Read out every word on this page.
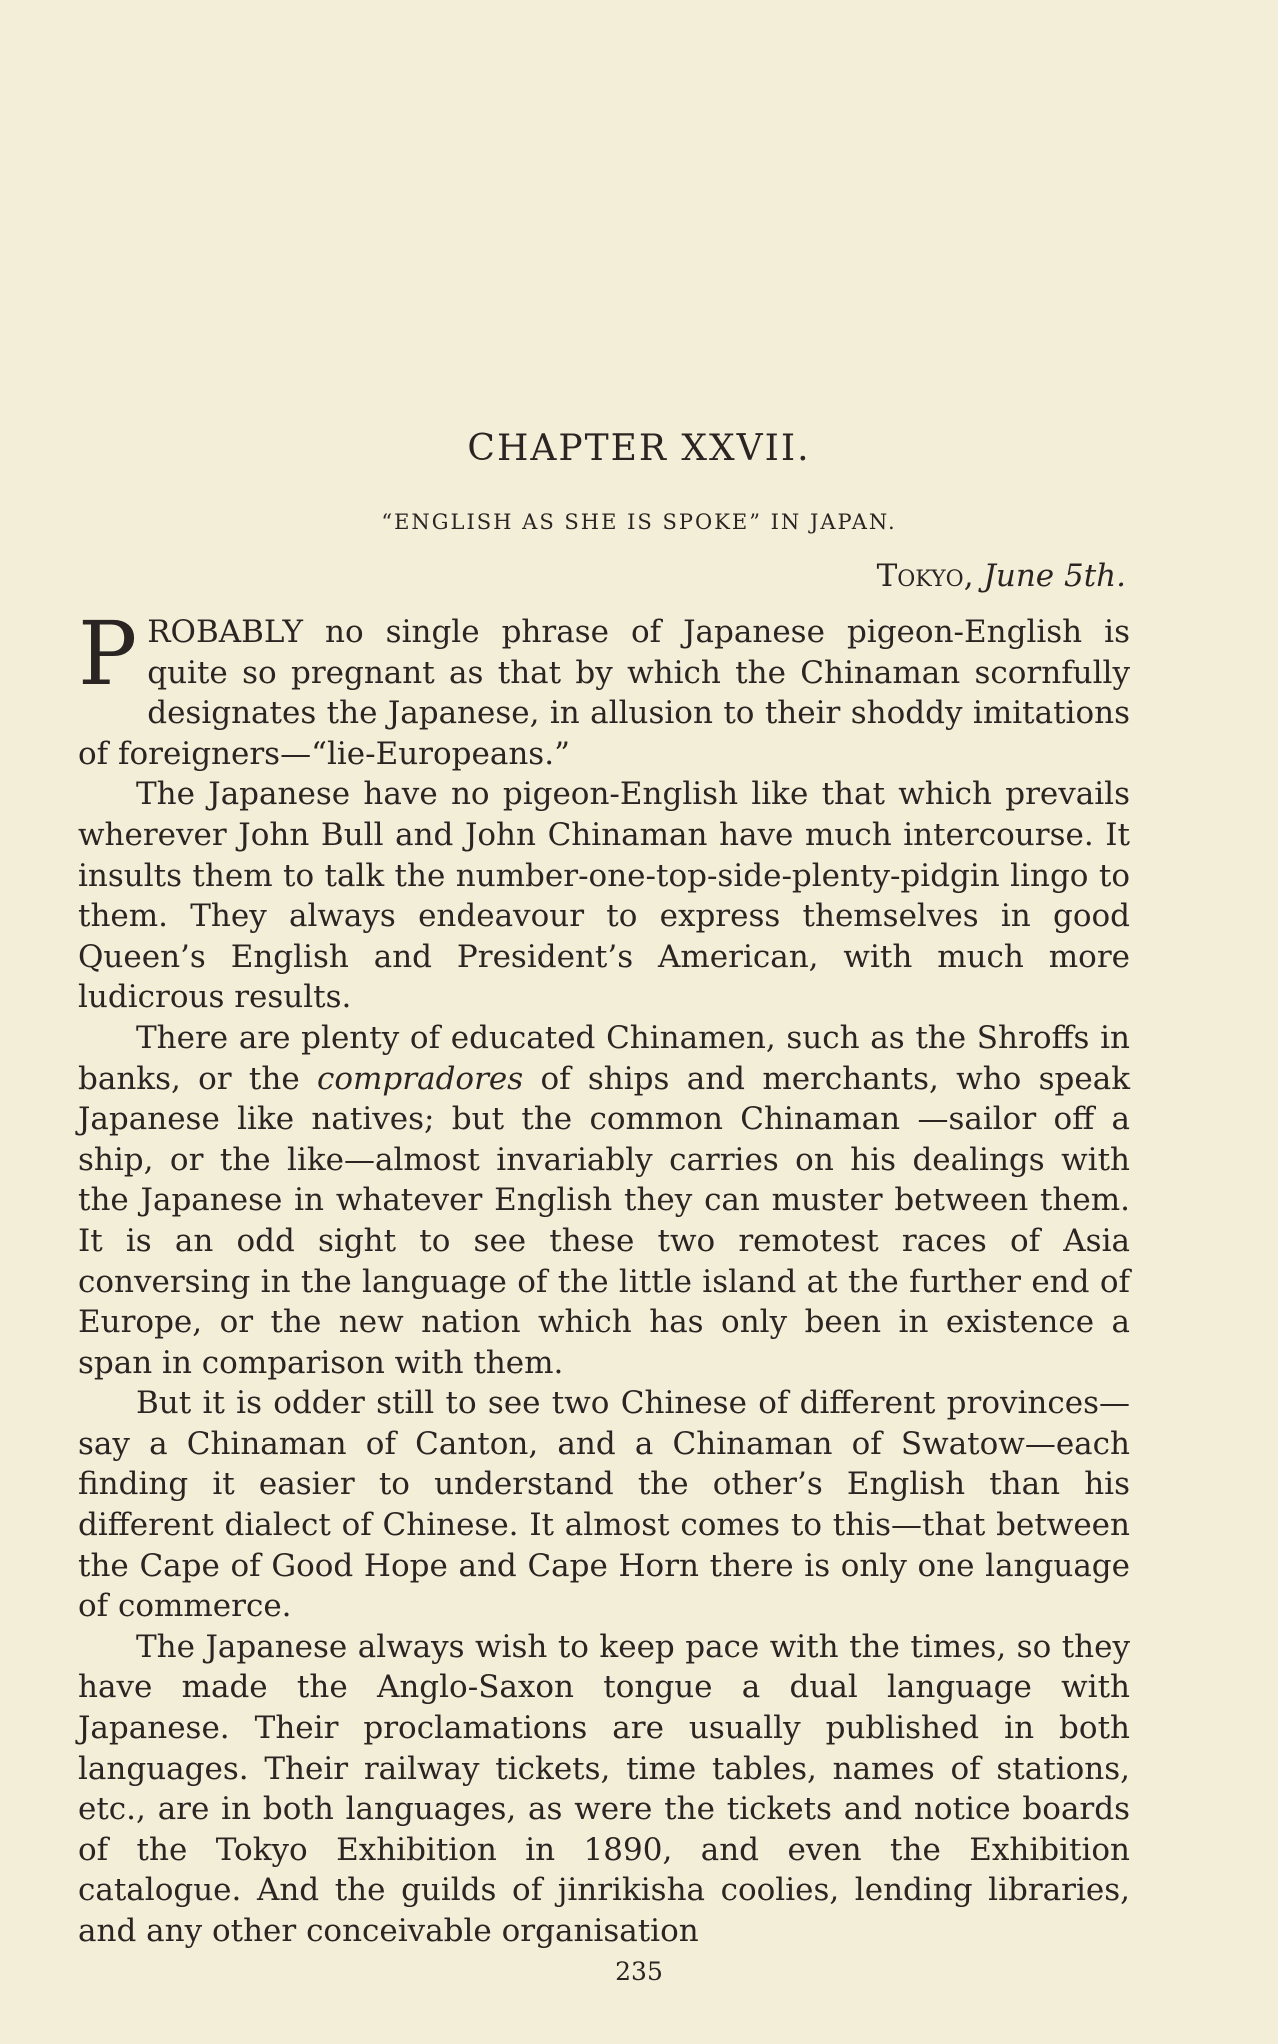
CHAPTER XXVII.
“ENGLISH AS SHE IS SPOKE” IN JAPAN.
Tokyo, June 5th.

PROBABLY no single phrase of Japanese pigeon-English is quite so pregnant as that by which the Chinaman scornfully designates the Japanese, in allusion to their shoddy imitations of foreigners—“lie-Europeans.”

The Japanese have no pigeon-English like that which prevails wherever John Bull and John Chinaman have much intercourse. It insults them to talk the number-one-top-side-plenty-pidgin lingo to them. They always endeavour to express themselves in good Queen’s English and President’s American, with much more ludicrous results.

There are plenty of educated Chinamen, such as the Shroffs in banks, or the compradores of ships and merchants, who speak Japanese like natives; but the common Chinaman —sailor off a ship, or the like—almost invariably carries on his dealings with the Japanese in whatever English they can muster between them. It is an odd sight to see these two remotest races of Asia conversing in the language of the little island at the further end of Europe, or the new nation which has only been in existence a span in comparison with them.

But it is odder still to see two Chinese of different provinces—say a Chinaman of Canton, and a Chinaman of Swatow—each finding it easier to understand the other’s English than his different dialect of Chinese. It almost comes to this—that between the Cape of Good Hope and Cape Horn there is only one language of commerce.

The Japanese always wish to keep pace with the times, so they have made the Anglo-Saxon tongue a dual language with Japanese. Their proclamations are usually published in both languages. Their railway tickets, time tables, names of stations, etc., are in both languages, as were the tickets and notice boards of the Tokyo Exhibition in 1890, and even the Exhibition catalogue. And the guilds of jinrikisha coolies, lending libraries, and any other conceivable organisation

235
